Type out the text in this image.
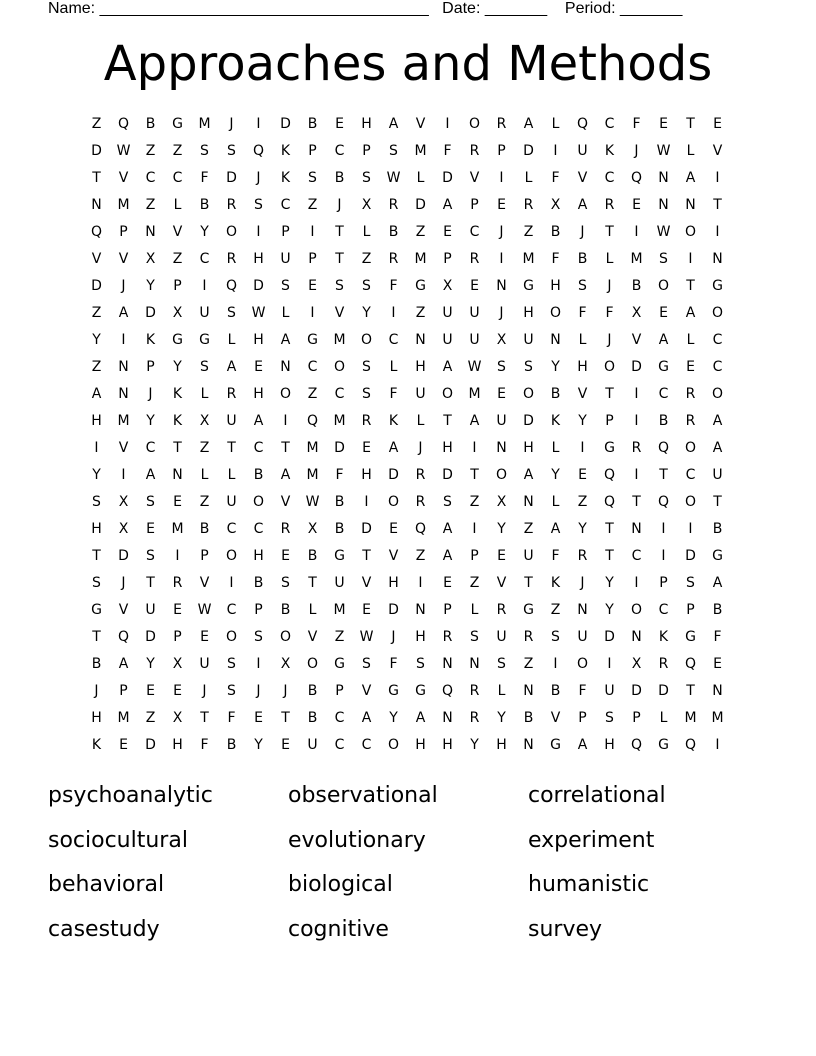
Name: _____________________________________   Date: _______    Period: _______
Approaches and Methods
Z	Q	B	G	M	J	I	D	B	E	H	A	V	I	O	R	A	L	Q	C	F	E	T	E
D	W	Z	Z	S	S	Q	K	P	C	P	S	M	F	R	P	D	I	U	K	J	W	L	V
T	V	C	C	F	D	J	K	S	B	S	W	L	D	V	I	L	F	V	C	Q	N	A	I
N	M	Z	L	B	R	S	C	Z	J	X	R	D	A	P	E	R	X	A	R	E	N	N	T
Q	P	N	V	Y	O	I	P	I	T	L	B	Z	E	C	J	Z	B	J	T	I	W	O	I
V	V	X	Z	C	R	H	U	P	T	Z	R	M	P	R	I	M	F	B	L	M	S	I	N
D	J	Y	P	I	Q	D	S	E	S	S	F	G	X	E	N	G	H	S	J	B	O	T	G
Z	A	D	X	U	S	W	L	I	V	Y	I	Z	U	U	J	H	O	F	F	X	E	A	O
Y	I	K	G	G	L	H	A	G	M	O	C	N	U	U	X	U	N	L	J	V	A	L	C
Z	N	P	Y	S	A	E	N	C	O	S	L	H	A	W	S	S	Y	H	O	D	G	E	C
A	N	J	K	L	R	H	O	Z	C	S	F	U	O	M	E	O	B	V	T	I	C	R	O
H	M	Y	K	X	U	A	I	Q	M	R	K	L	T	A	U	D	K	Y	P	I	B	R	A
I	V	C	T	Z	T	C	T	M	D	E	A	J	H	I	N	H	L	I	G	R	Q	O	A
Y	I	A	N	L	L	B	A	M	F	H	D	R	D	T	O	A	Y	E	Q	I	T	C	U
S	X	S	E	Z	U	O	V	W	B	I	O	R	S	Z	X	N	L	Z	Q	T	Q	O	T
H	X	E	M	B	C	C	R	X	B	D	E	Q	A	I	Y	Z	A	Y	T	N	I	I	B
T	D	S	I	P	O	H	E	B	G	T	V	Z	A	P	E	U	F	R	T	C	I	D	G
S	J	T	R	V	I	B	S	T	U	V	H	I	E	Z	V	T	K	J	Y	I	P	S	A
G	V	U	E	W	C	P	B	L	M	E	D	N	P	L	R	G	Z	N	Y	O	C	P	B
T	Q	D	P	E	O	S	O	V	Z	W	J	H	R	S	U	R	S	U	D	N	K	G	F
B	A	Y	X	U	S	I	X	O	G	S	F	S	N	N	S	Z	I	O	I	X	R	Q	E
J	P	E	E	J	S	J	J	B	P	V	G	G	Q	R	L	N	B	F	U	D	D	T	N
H	M	Z	X	T	F	E	T	B	C	A	Y	A	N	R	Y	B	V	P	S	P	L	M	M
K	E	D	H	F	B	Y	E	U	C	C	O	H	H	Y	H	N	G	A	H	Q	G	Q	I
psychoanalytic	observational	correlational
sociocultural	evolutionary	experiment
behavioral	biological	humanistic
casestudy	cognitive	survey
